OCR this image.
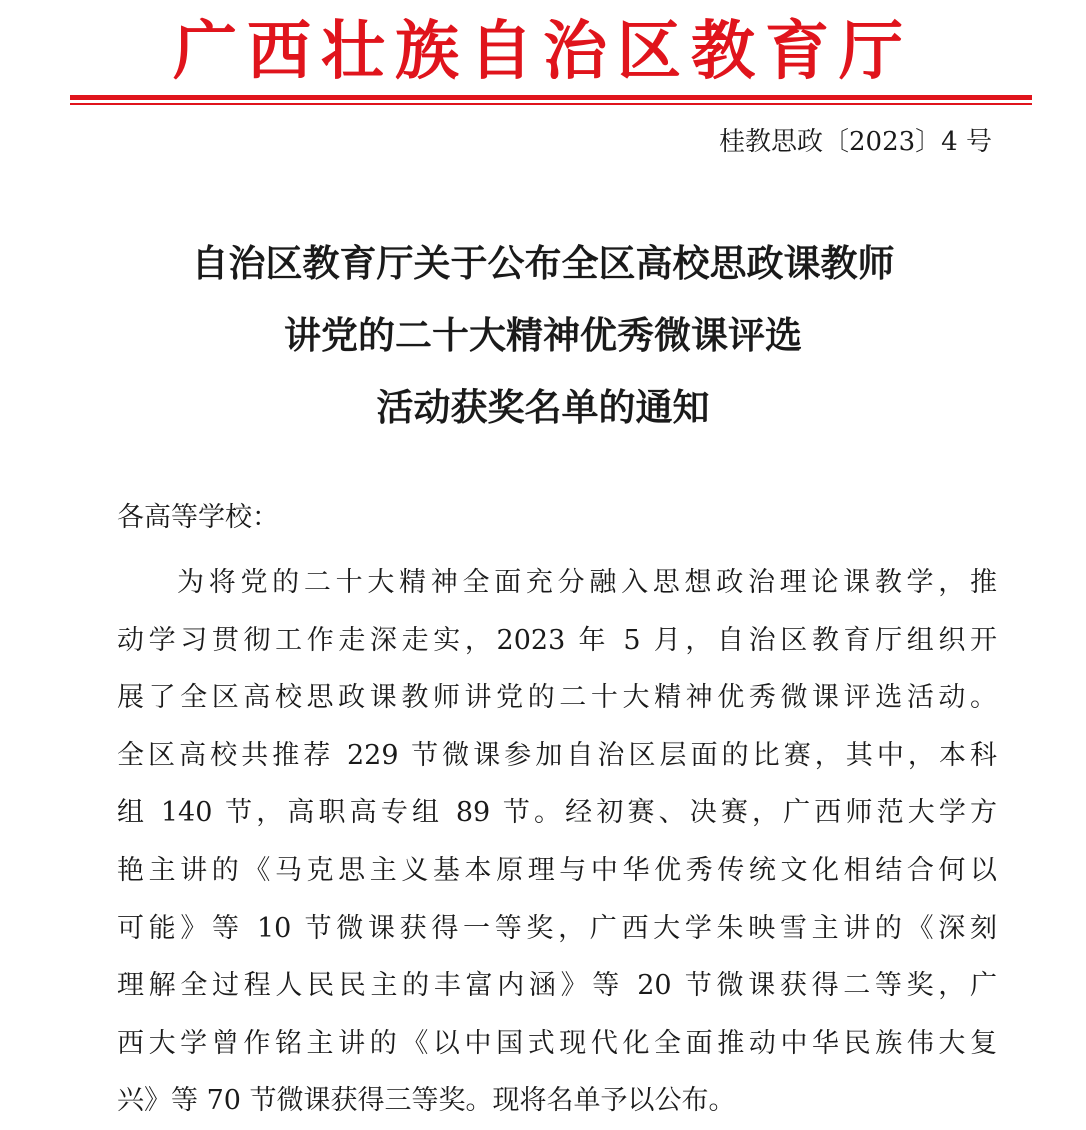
广西壮族自治区教育厅
桂教思政〔2023〕4 号
自治区教育厅关于公布全区高校思政课教师
讲党的二十大精神优秀微课评选
活动获奖名单的通知
各高等学校：
为将党的二十大精神全面充分融入思想政治理论课教学，推
动学习贯彻工作走深走实，2023 年 5 月，自治区教育厅组织开
展了全区高校思政课教师讲党的二十大精神优秀微课评选活动。
全区高校共推荐 229 节微课参加自治区层面的比赛，其中，本科
组 140 节，高职高专组 89 节。经初赛、决赛，广西师范大学方
艳主讲的《马克思主义基本原理与中华优秀传统文化相结合何以
可能》等 10 节微课获得一等奖，广西大学朱映雪主讲的《深刻
理解全过程人民民主的丰富内涵》等 20 节微课获得二等奖，广
西大学曾作铭主讲的《以中国式现代化全面推动中华民族伟大复
兴》等 70 节微课获得三等奖。现将名单予以公布。
